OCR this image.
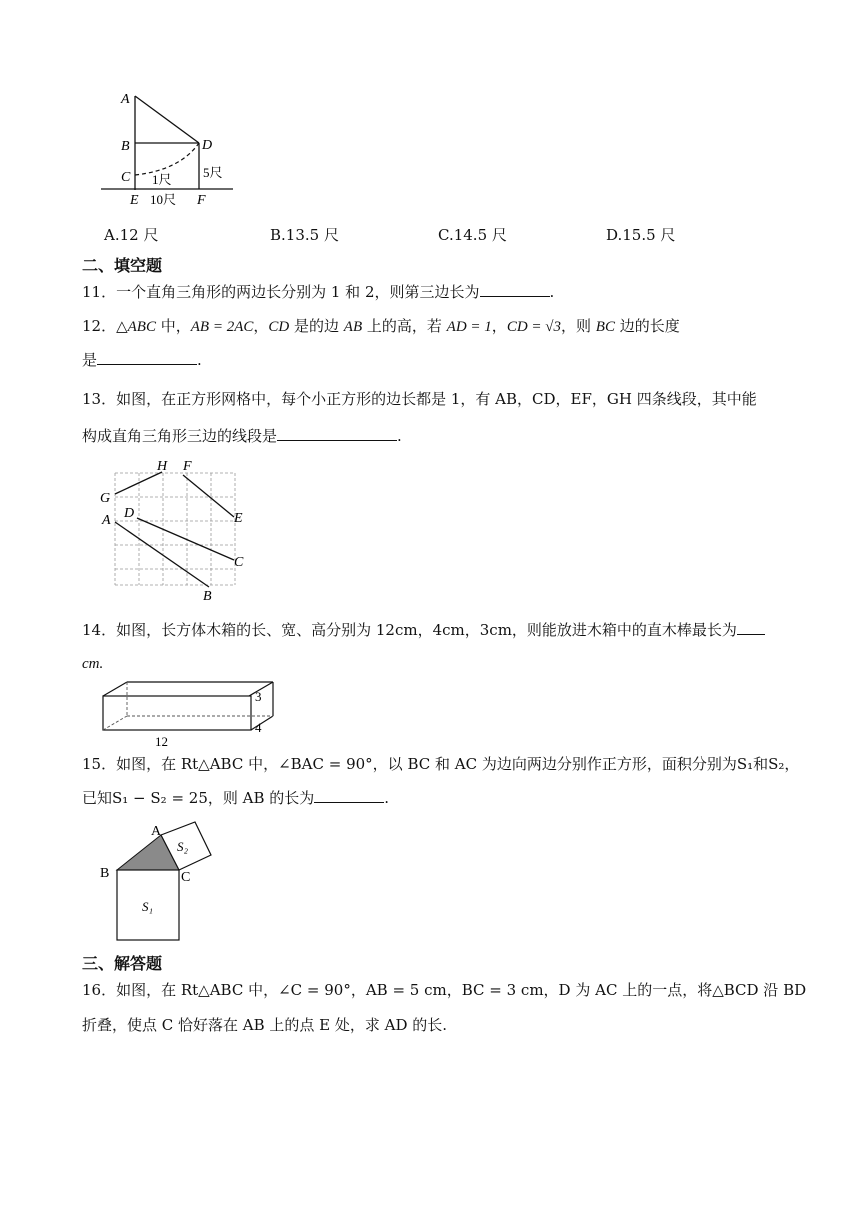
A
B
C
D
E	F
1尺 5尺
10尺
A.12 尺	B.13.5 尺	C.14.5 尺	D.15.5 尺
二、填空题
11．一个直角三角形的两边长分别为 1 和 2，则第三边长为	.
12．△ABC 中，AB = 2AC，CD 是的边 AB 上的高，若 AD = 1，CD = √3，则 BC 边的长度
是	.
13．如图，在正方形网格中，每个小正方形的边长都是 1，有 AB，CD，EF，GH 四条线段，其中能
构成直角三角形三边的线段是	.
H F
G
E
A D
C
B
14．如图，长方体木箱的长、宽、高分别为 12cm，4cm，3cm，则能放进木箱中的直木棒最长为
cm.
12
4
3
15．如图，在 Rt△ABC 中，∠BAC = 90°，以 BC 和 AC 为边向两边分别作正方形，面积分别为S₁和S₂，
已知S₁ − S₂ = 25，则 AB 的长为	.
A
B	C
S₁
S₂
三、解答题
16．如图，在 Rt△ABC 中，∠C = 90°，AB = 5 cm，BC = 3 cm，D 为 AC 上的一点，将△BCD 沿 BD
折叠，使点 C 恰好落在 AB 上的点 E 处，求 AD 的长.
